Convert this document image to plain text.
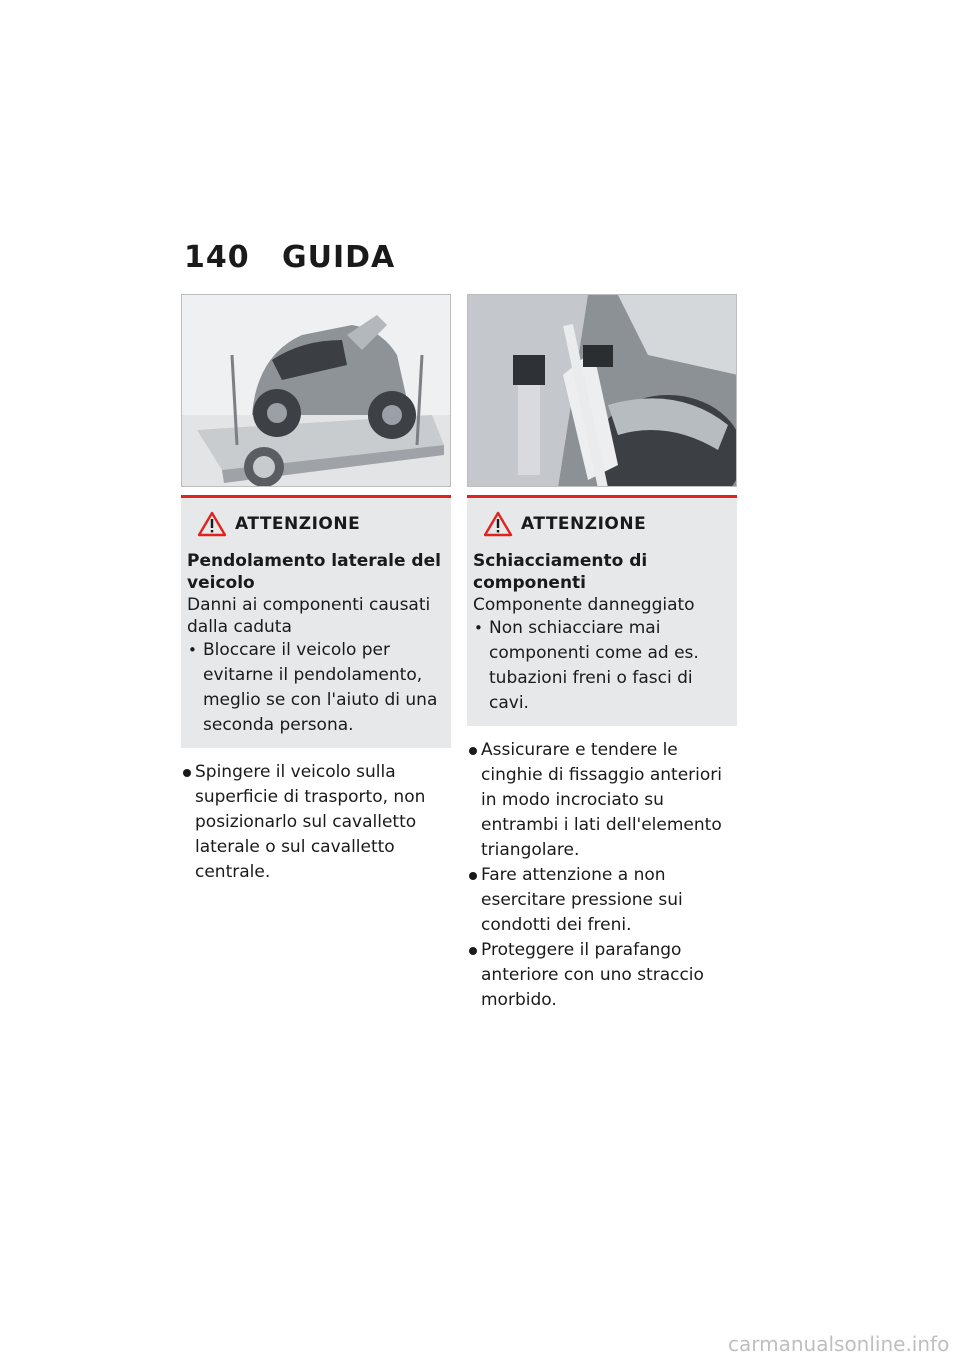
140 GUIDA
ATTENZIONE
Pendolamento laterale del veicolo
Danni ai componenti causati dalla caduta
• Bloccare il veicolo per evitarne il pendolamento, meglio se con l'aiuto di una seconda persona.
Spingere il veicolo sulla superficie di trasporto, non posizionarlo sul cavalletto laterale o sul cavalletto centrale.
ATTENZIONE
Schiacciamento di componenti
Componente danneggiato
• Non schiacciare mai componenti come ad es. tubazioni freni o fasci di cavi.
Assicurare e tendere le cinghie di fissaggio anteriori in modo incrociato su entrambi i lati dell'elemento triangolare.
Fare attenzione a non esercitare pressione sui condotti dei freni.
Proteggere il parafango anteriore con uno straccio morbido.
carmanualsonline.info
